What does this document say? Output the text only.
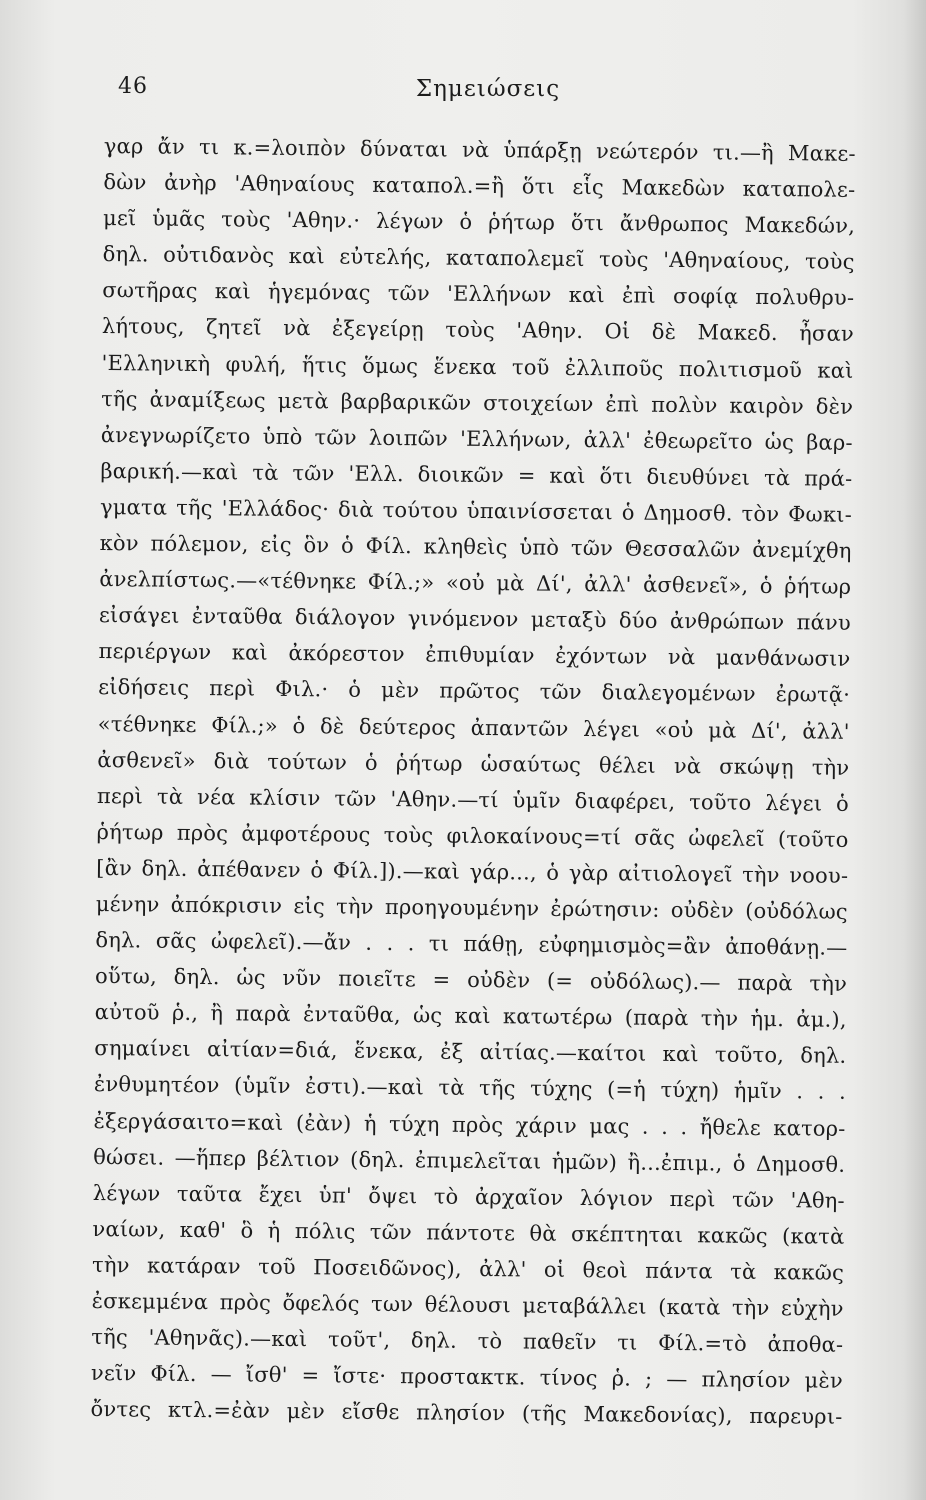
46	Σημειώσεις
γαρ ἄν τι κ.=λοιπὸν δύναται νὰ ὑπάρξῃ νεώτερόν τι.—ἢ Μακε-
δὼν ἀνὴρ 'Αθηναίους καταπολ.=ἢ ὅτι εἷς Μακεδὼν καταπολε-
μεῖ ὑμᾶς τοὺς 'Αθην.· λέγων ὁ ῥήτωρ ὅτι ἄνθρωπος Μακεδών,
δηλ. οὐτιδανὸς καὶ εὐτελής, καταπολεμεῖ τοὺς 'Αθηναίους, τοὺς
σωτῆρας καὶ ἡγεμόνας τῶν 'Ελλήνων καὶ ἐπὶ σοφίᾳ πολυθρυ-
λήτους, ζητεῖ νὰ ἐξεγείρῃ τοὺς 'Αθην. Οἱ δὲ Μακεδ. ἦσαν
'Ελληνικὴ φυλή, ἥτις ὅμως ἕνεκα τοῦ ἐλλιποῦς πολιτισμοῦ καὶ
τῆς ἀναμίξεως μετὰ βαρβαρικῶν στοιχείων ἐπὶ πολὺν καιρὸν δὲν
ἀνεγνωρίζετο ὑπὸ τῶν λοιπῶν 'Ελλήνων, ἀλλ' ἐθεωρεῖτο ὡς βαρ-
βαρική.—καὶ τὰ τῶν 'Ελλ. διοικῶν = καὶ ὅτι διευθύνει τὰ πρά-
γματα τῆς 'Ελλάδος· διὰ τούτου ὑπαινίσσεται ὁ Δημοσθ. τὸν Φωκι-
κὸν πόλεμον, εἰς ὃν ὁ Φίλ. κληθεὶς ὑπὸ τῶν Θεσσαλῶν ἀνεμίχθη
ἀνελπίστως.—«τέθνηκε Φίλ.;» «οὐ μὰ Δί', ἀλλ' ἀσθενεῖ», ὁ ῥήτωρ
εἰσάγει ἐνταῦθα διάλογον γινόμενον μεταξὺ δύο ἀνθρώπων πάνυ
περιέργων καὶ ἀκόρεστον ἐπιθυμίαν ἐχόντων νὰ μανθάνωσιν
εἰδήσεις περὶ Φιλ.· ὁ μὲν πρῶτος τῶν διαλεγομένων ἐρωτᾷ·
«τέθνηκε Φίλ.;» ὁ δὲ δεύτερος ἀπαντῶν λέγει «οὐ μὰ Δί', ἀλλ'
ἀσθενεῖ» διὰ τούτων ὁ ῥήτωρ ὡσαύτως θέλει νὰ σκώψῃ τὴν
περὶ τὰ νέα κλίσιν τῶν 'Αθην.—τί ὑμῖν διαφέρει, τοῦτο λέγει ὁ
ῥήτωρ πρὸς ἀμφοτέρους τοὺς φιλοκαίνους=τί σᾶς ὠφελεῖ (τοῦτο
[ἂν δηλ. ἀπέθανεν ὁ Φίλ.]).—καὶ γάρ..., ὁ γὰρ αἰτιολογεῖ τὴν νοου-
μένην ἀπόκρισιν εἰς τὴν προηγουμένην ἐρώτησιν: οὐδὲν (οὐδόλως
δηλ. σᾶς ὠφελεῖ).—ἄν . . . τι πάθῃ, εὐφημισμὸς=ἂν ἀποθάνῃ.—
οὕτω, δηλ. ὡς νῦν ποιεῖτε = οὐδὲν (= οὐδόλως).— παρὰ τὴν
αὐτοῦ ῥ., ἢ παρὰ ἐνταῦθα, ὡς καὶ κατωτέρω (παρὰ τὴν ἡμ. ἀμ.),
σημαίνει αἰτίαν=διά, ἕνεκα, ἐξ αἰτίας.—καίτοι καὶ τοῦτο, δηλ.
ἐνθυμητέον (ὑμῖν ἐστι).—καὶ τὰ τῆς τύχης (=ἡ τύχη) ἡμῖν . . .
ἐξεργάσαιτο=καὶ (ἐὰν) ἡ τύχη πρὸς χάριν μας . . . ἤθελε κατορ-
θώσει. —ἥπερ βέλτιον (δηλ. ἐπιμελεῖται ἡμῶν) ἢ...ἐπιμ., ὁ Δημοσθ.
λέγων ταῦτα ἔχει ὑπ' ὄψει τὸ ἀρχαῖον λόγιον περὶ τῶν 'Αθη-
ναίων, καθ' ὃ ἡ πόλις τῶν πάντοτε θὰ σκέπτηται κακῶς (κατὰ
τὴν κατάραν τοῦ Ποσειδῶνος), ἀλλ' οἱ θεοὶ πάντα τὰ κακῶς
ἐσκεμμένα πρὸς ὄφελός των θέλουσι μεταβάλλει (κατὰ τὴν εὐχὴν
τῆς 'Αθηνᾶς).—καὶ τοῦτ', δηλ. τὸ παθεῖν τι Φίλ.=τὸ ἀποθα-
νεῖν Φίλ. — ἴσθ' = ἴστε· προστακτκ. τίνος ῥ. ; — πλησίον μὲν
ὄντες κτλ.=ἐὰν μὲν εἴσθε πλησίον (τῆς Μακεδονίας), παρευρι-
